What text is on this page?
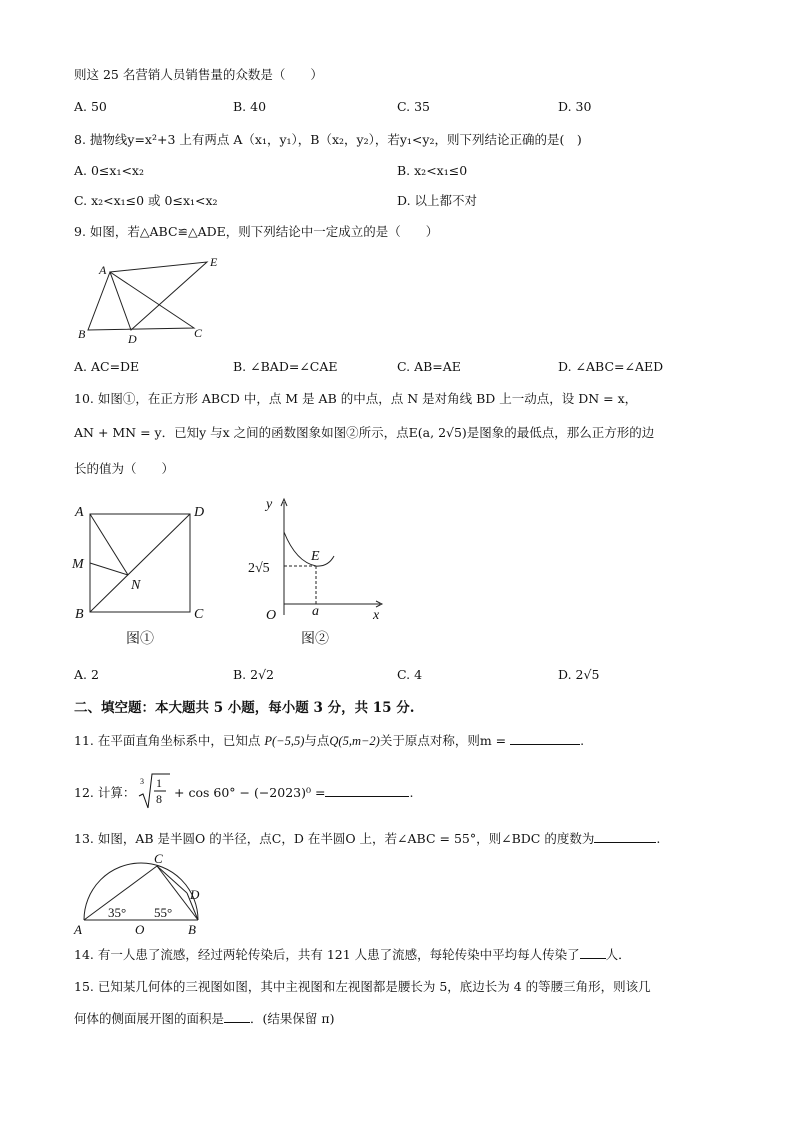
则这 25 名营销人员销售量的众数是（　　）
A. 50	B. 40	C. 35	D. 30
8. 抛物线y=x²+3 上有两点 A（x₁，y₁），B（x₂，y₂），若y₁<y₂，则下列结论正确的是(　)
A. 0≤x₁<x₂	B. x₂<x₁≤0
C. x₂<x₁≤0 或 0≤x₁<x₂	D. 以上都不对
9. 如图，若△ABC≌△ADE，则下列结论中一定成立的是（　　）
A
E
B	D	C
A. AC=DE	B. ∠BAD=∠CAE	C. AB=AE	D. ∠ABC=∠AED
10. 如图①，在正方形 ABCD 中，点 M 是 AB 的中点，点 N 是对角线 BD 上一动点，设 DN = x，
AN + MN = y．已知y 与x 之间的函数图象如图②所示，点E(a, 2√5)是图象的最低点，那么正方形的边
长的值为（　　）
A	D
M
N
B	C
图①
y
E
2√5
O	a	x
图②
A. 2	B. 2√2	C. 4	D. 2√5
二、填空题：本大题共 5 小题，每小题 3 分，共 15 分.
11. 在平面直角坐标系中，已知点 P(−5,5)与点Q(5,m−2)关于原点对称，则m =	.
12. 计算：
3 1
8 + cos 60° − (−2023)⁰ =	.
13. 如图，AB 是半圆O 的半径，点C，D 在半圆O 上，若∠ABC = 55°，则∠BDC 的度数为	.
C
D
35° 55°
A	O	B
14. 有一人患了流感，经过两轮传染后，共有 121 人患了流感，每轮传染中平均每人传染了 人．
15. 已知某几何体的三视图如图，其中主视图和左视图都是腰长为 5，底边长为 4 的等腰三角形，则该几
何体的侧面展开图的面积是 ．(结果保留 π)
